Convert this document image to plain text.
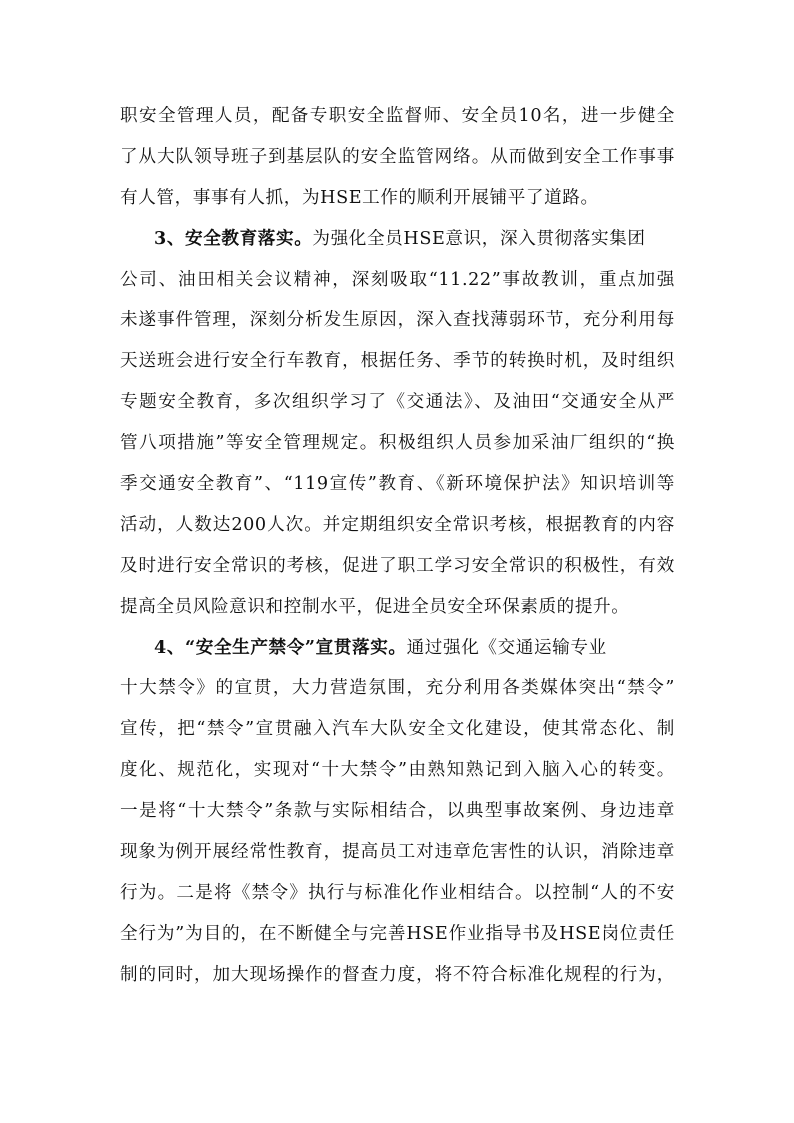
职安全管理人员，配备专职安全监督师、安全员10名，进一步健全
了从大队领导班子到基层队的安全监管网络。从而做到安全工作事事
有人管，事事有人抓，为HSE工作的顺利开展铺平了道路。
3、安全教育落实。为强化全员HSE意识，深入贯彻落实集团
公司、油田相关会议精神，深刻吸取“11.22”事故教训，重点加强
未遂事件管理，深刻分析发生原因，深入查找薄弱环节，充分利用每
天送班会进行安全行车教育，根据任务、季节的转换时机，及时组织
专题安全教育，多次组织学习了《交通法》、及油田“交通安全从严
管八项措施”等安全管理规定。积极组织人员参加采油厂组织的“换
季交通安全教育”、“119宣传”教育、《新环境保护法》知识培训等
活动，人数达200人次。并定期组织安全常识考核，根据教育的内容
及时进行安全常识的考核，促进了职工学习安全常识的积极性，有效
提高全员风险意识和控制水平，促进全员安全环保素质的提升。
4、“安全生产禁令”宣贯落实。通过强化《交通运输专业
十大禁令》的宣贯，大力营造氛围，充分利用各类媒体突出“禁令”
宣传，把“禁令”宣贯融入汽车大队安全文化建设，使其常态化、制
度化、规范化，实现对“十大禁令”由熟知熟记到入脑入心的转变。
一是将“十大禁令”条款与实际相结合，以典型事故案例、身边违章
现象为例开展经常性教育，提高员工对违章危害性的认识，消除违章
行为。二是将《禁令》执行与标准化作业相结合。以控制“人的不安
全行为”为目的，在不断健全与完善HSE作业指导书及HSE岗位责任
制的同时，加大现场操作的督查力度，将不符合标准化规程的行为，
